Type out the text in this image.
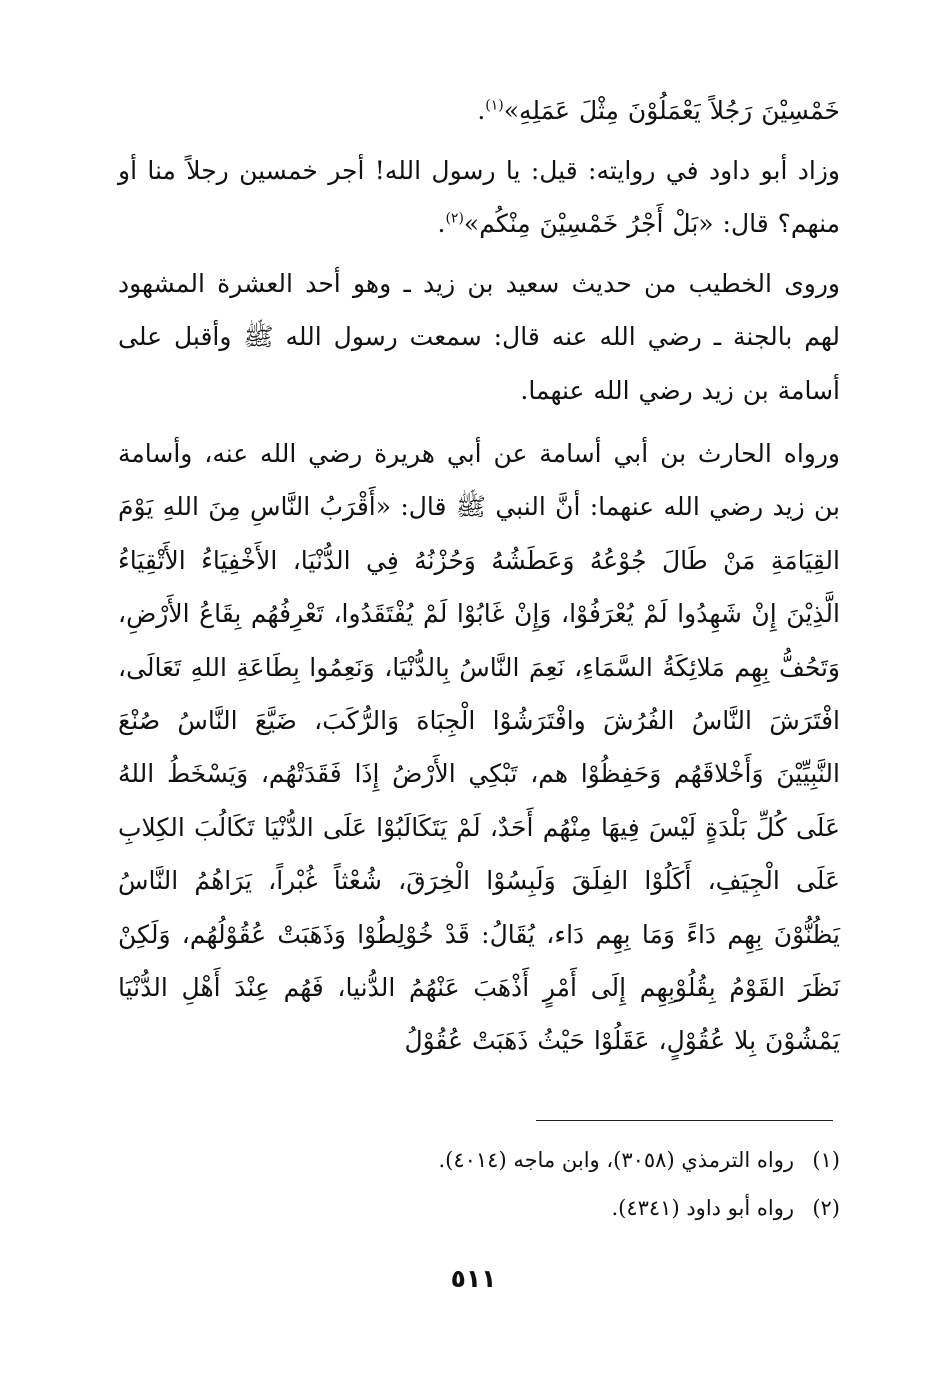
خَمْسِيْنَ رَجُلاً يَعْمَلُوْنَ مِثْلَ عَمَلِهِ»$^{(١)}$.

وزاد أبو داود في روايته: قيل: يا رسول الله! أجر خمسين رجلاً منا أو منهم؟ قال: «بَلْ أَجْرُ خَمْسِيْنَ مِنْكُم»$^{(٢)}$.

وروى الخطيب من حديث سعيد بن زيد ـ وهو أحد العشرة المشهود لهم بالجنة ـ رضي الله عنه قال: سمعت رسول الله ﷺ وأقبل على أسامة بن زيد رضي الله عنهما.

ورواه الحارث بن أبي أسامة عن أبي هريرة رضي الله عنه، وأسامة بن زيد رضي الله عنهما: أنَّ النبي ﷺ قال: «أَقْرَبُ النَّاسِ مِنَ اللهِ يَوْمَ القِيَامَةِ مَنْ طَالَ جُوْعُهُ وَعَطَشُهُ وَحُزْنُهُ فِي الدُّنْيَا، الأَخْفِيَاءُ الأَتْقِيَاءُ الَّذِيْنَ إِنْ شَهِدُوا لَمْ يُعْرَفُوْا، وَإِنْ غَابُوْا لَمْ يُفْتَقَدُوا، تَعْرِفُهُم بِقَاعُ الأَرْضِ، وَتَحُفُّ بِهِم مَلائِكَةُ السَّمَاءِ، نَعِمَ النَّاسُ بِالدُّنْيَا، وَنَعِمُوا بِطَاعَةِ اللهِ تَعَالَى، افْتَرَشَ النَّاسُ الفُرُشَ وافْتَرَشُوْا الْجِبَاهَ وَالرُّكَبَ، ضَيَّعَ النَّاسُ صُنْعَ النَّبِيِّيْنَ وَأَخْلاقَهُم وَحَفِظُوْا هم، تَبْكِي الأَرْضُ إِذَا فَقَدَتْهُم، وَيَسْخَطُ اللهُ عَلَى كُلِّ بَلْدَةٍ لَيْسَ فِيهَا مِنْهُم أَحَدٌ، لَمْ يَتَكَالَبُوْا عَلَى الدُّنْيَا تَكَالُبَ الكِلابِ عَلَى الْجِيَفِ، أَكَلُوْا الفِلَقَ وَلَبِسُوْا الْخِرَقَ، شُعْثاً غُبْراً، يَرَاهُمُ النَّاسُ يَظُنُّوْنَ بِهِم دَاءً وَمَا بِهِم دَاء، يُقَالُ: قَدْ خُوْلِطُوْا وَذَهَبَتْ عُقُوْلُهُم، وَلَكِنْ نَظَرَ القَوْمُ بِقُلُوْبِهِم إِلَى أَمْرٍ أَذْهَبَ عَنْهُمُ الدُّنيا، فَهُم عِنْدَ أَهْلِ الدُّنْيَا يَمْشُوْنَ بِلا عُقُوْلٍ، عَقَلُوْا حَيْثُ ذَهَبَتْ عُقُوْلُ

(١)رواه الترمذي (٣٠٥٨)، وابن ماجه (٤٠١٤).
(٢)رواه أبو داود (٤٣٤١).
٥١١
